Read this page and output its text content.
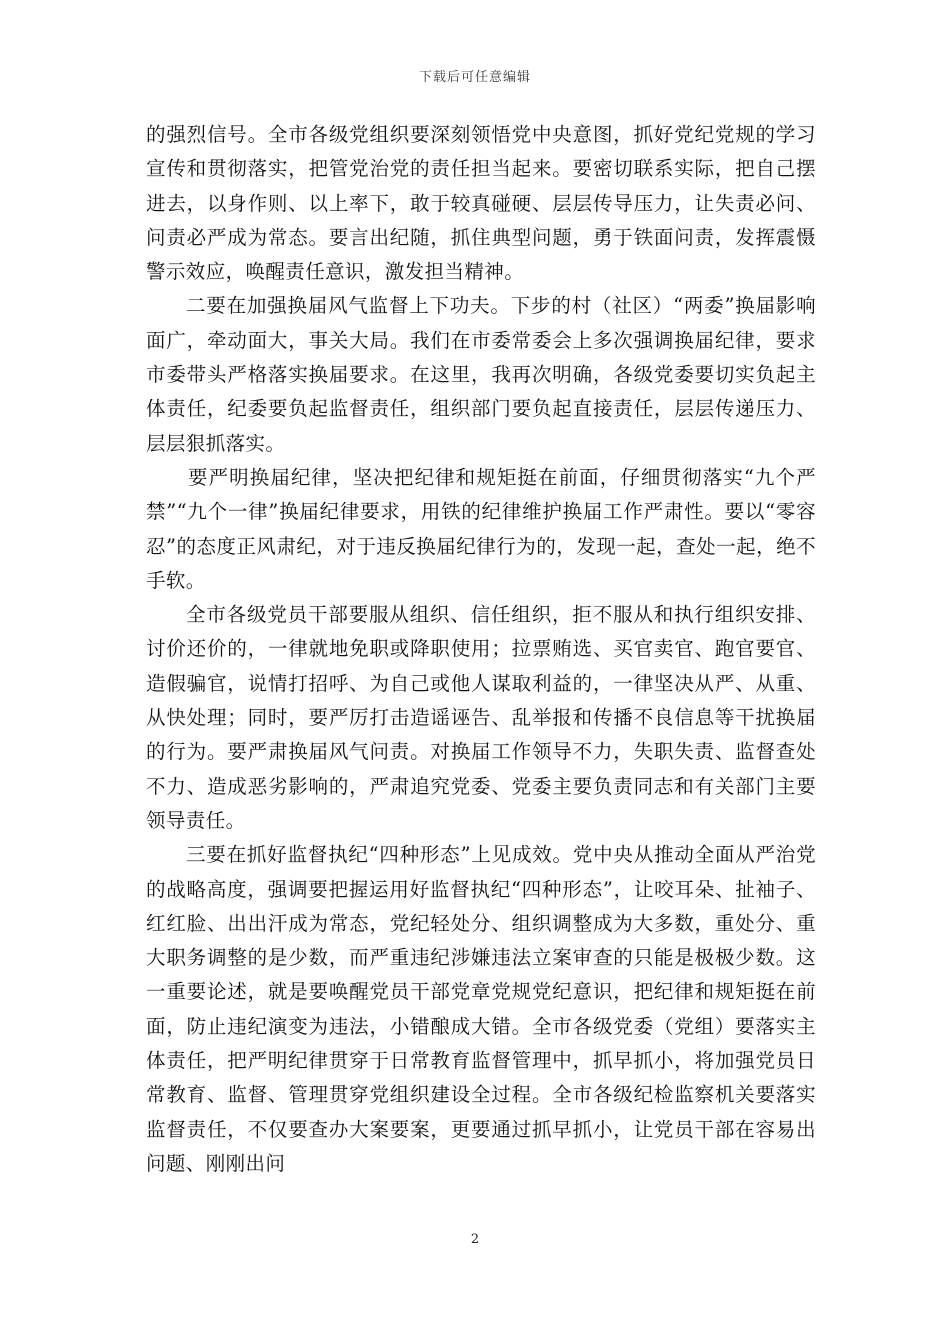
下载后可任意编辑

的强烈信号。全市各级党组织要深刻领悟党中央意图，抓好党纪党规的学习宣传和贯彻落实，把管党治党的责任担当起来。要密切联系实际，把自己摆进去，以身作则、以上率下，敢于较真碰硬、层层传导压力，让失责必问、问责必严成为常态。要言出纪随，抓住典型问题，勇于铁面问责，发挥震慑警示效应，唤醒责任意识，激发担当精神。

二要在加强换届风气监督上下功夫。下步的村（社区）“两委”换届影响面广，牵动面大，事关大局。我们在市委常委会上多次强调换届纪律，要求市委带头严格落实换届要求。在这里，我再次明确，各级党委要切实负起主体责任，纪委要负起监督责任，组织部门要负起直接责任，层层传递压力、层层狠抓落实。

要严明换届纪律，坚决把纪律和规矩挺在前面，仔细贯彻落实“九个严禁”“九个一律”换届纪律要求，用铁的纪律维护换届工作严肃性。要以“零容忍”的态度正风肃纪，对于违反换届纪律行为的，发现一起，查处一起，绝不手软。

全市各级党员干部要服从组织、信任组织，拒不服从和执行组织安排、讨价还价的，一律就地免职或降职使用；拉票贿选、买官卖官、跑官要官、造假骗官，说情打招呼、为自己或他人谋取利益的，一律坚决从严、从重、从快处理；同时，要严厉打击造谣诬告、乱举报和传播不良信息等干扰换届的行为。要严肃换届风气问责。对换届工作领导不力，失职失责、监督查处不力、造成恶劣影响的，严肃追究党委、党委主要负责同志和有关部门主要领导责任。

三要在抓好监督执纪“四种形态”上见成效。党中央从推动全面从严治党的战略高度，强调要把握运用好监督执纪“四种形态”，让咬耳朵、扯袖子、红红脸、出出汗成为常态，党纪轻处分、组织调整成为大多数，重处分、重大职务调整的是少数，而严重违纪涉嫌违法立案审查的只能是极极少数。这一重要论述，就是要唤醒党员干部党章党规党纪意识，把纪律和规矩挺在前面，防止违纪演变为违法，小错酿成大错。全市各级党委（党组）要落实主体责任，把严明纪律贯穿于日常教育监督管理中，抓早抓小，将加强党员日常教育、监督、管理贯穿党组织建设全过程。全市各级纪检监察机关要落实监督责任，不仅要查办大案要案，更要通过抓早抓小，让党员干部在容易出问题、刚刚出问

2
